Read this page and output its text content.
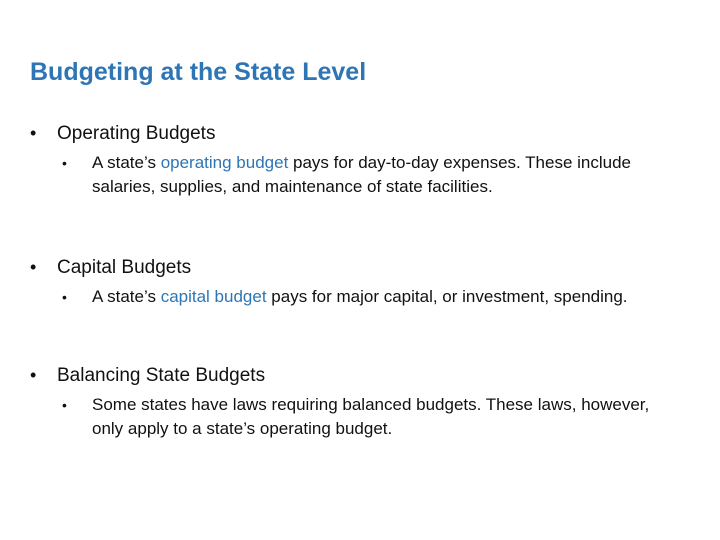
Budgeting at the State Level
•	Operating Budgets
•	A state’s operating budget pays for day-to-day expenses. These include salaries, supplies, and maintenance of state facilities.
•	Capital Budgets
•	A state’s capital budget pays for major capital, or investment, spending.
•	Balancing State Budgets
•	Some states have laws requiring balanced budgets. These laws, however, only apply to a state’s operating budget.
